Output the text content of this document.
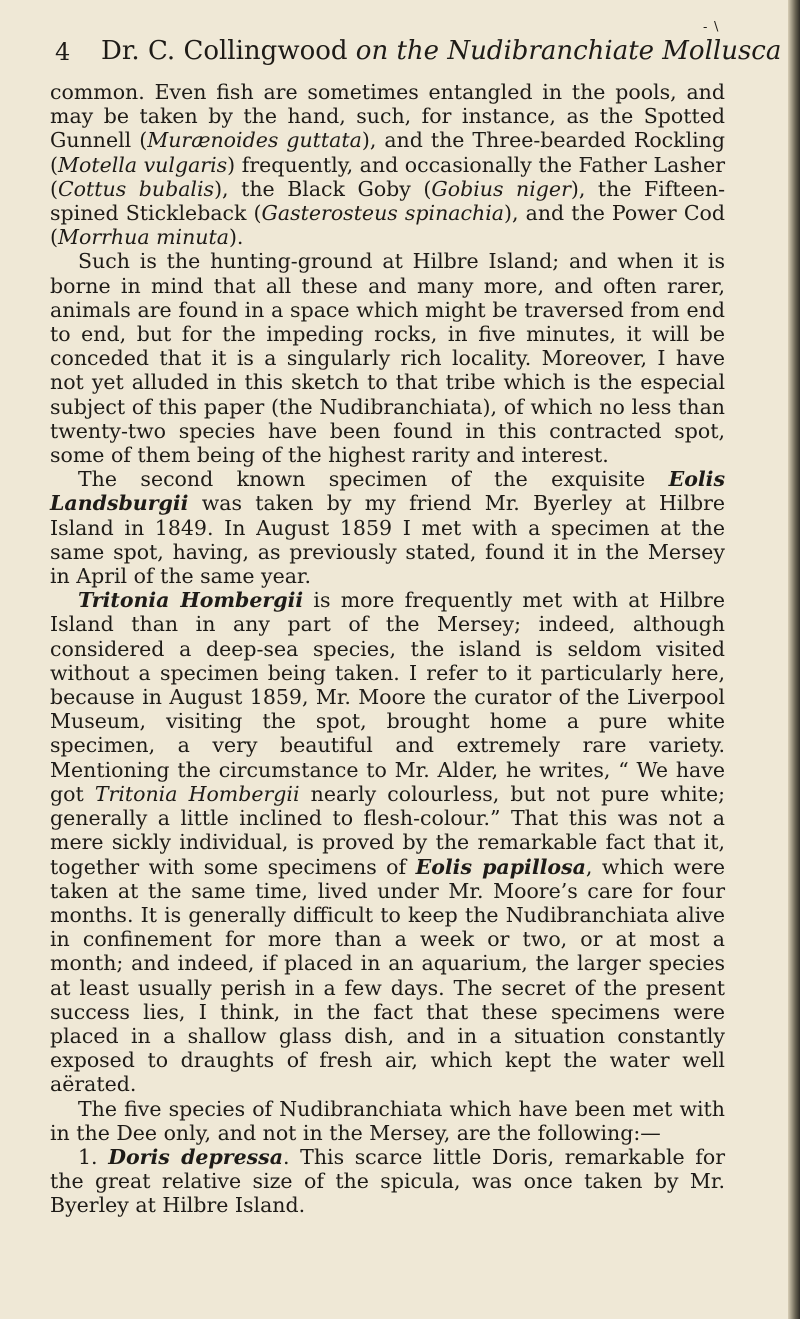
4
- ∖
Dr. C. Collingwood on the Nudibranchiate Mollusca

common. Even fish are sometimes entangled in the pools, and may be taken by the hand, such, for instance, as the Spotted Gunnell (Murænoides guttata), and the Three-bearded Rockling (Motella vulgaris) frequently, and occasionally the Father Lasher (Cottus bubalis), the Black Goby (Gobius niger), the Fifteen-spined Stickleback (Gasterosteus spinachia), and the Power Cod (Morrhua minuta).

Such is the hunting-ground at Hilbre Island; and when it is borne in mind that all these and many more, and often rarer, animals are found in a space which might be traversed from end to end, but for the impeding rocks, in five minutes, it will be conceded that it is a singularly rich locality. Moreover, I have not yet alluded in this sketch to that tribe which is the especial subject of this paper (the Nudibranchiata), of which no less than twenty-two species have been found in this contracted spot, some of them being of the highest rarity and interest.

The second known specimen of the exquisite Eolis Landsburgii was taken by my friend Mr. Byerley at Hilbre Island in 1849. In August 1859 I met with a specimen at the same spot, having, as previously stated, found it in the Mersey in April of the same year.

Tritonia Hombergii is more frequently met with at Hilbre Island than in any part of the Mersey; indeed, although considered a deep-sea species, the island is seldom visited without a specimen being taken. I refer to it particularly here, because in August 1859, Mr. Moore the curator of the Liverpool Museum, visiting the spot, brought home a pure white specimen, a very beautiful and extremely rare variety. Mentioning the circumstance to Mr. Alder, he writes, “ We have got Tritonia Hombergii nearly colourless, but not pure white; generally a little inclined to flesh-colour.” That this was not a mere sickly individual, is proved by the remarkable fact that it, together with some specimens of Eolis papillosa, which were taken at the same time, lived under Mr. Moore’s care for four months. It is generally difficult to keep the Nudibranchiata alive in confinement for more than a week or two, or at most a month; and indeed, if placed in an aquarium, the larger species at least usually perish in a few days. The secret of the present success lies, I think, in the fact that these specimens were placed in a shallow glass dish, and in a situation constantly exposed to draughts of fresh air, which kept the water well aërated.

The five species of Nudibranchiata which have been met with in the Dee only, and not in the Mersey, are the following:—

1. Doris depressa. This scarce little Doris, remarkable for the great relative size of the spicula, was once taken by Mr. Byerley at Hilbre Island.
